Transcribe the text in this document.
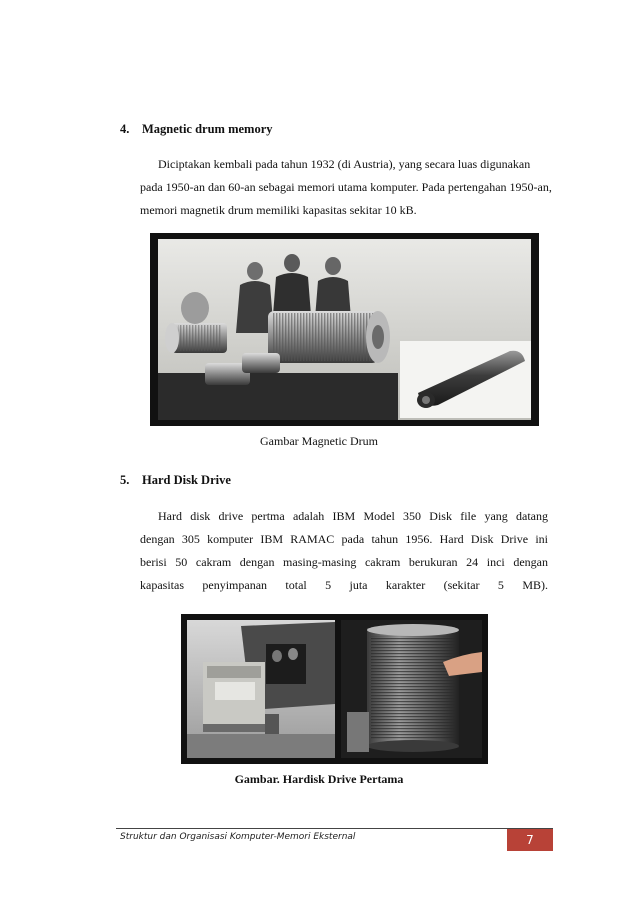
4. Magnetic drum memory
Diciptakan kembali pada tahun 1932 (di Austria), yang secara luas digunakan
pada 1950-an dan 60-an sebagai memori utama komputer. Pada pertengahan 1950-an,
memori magnetik drum memiliki kapasitas sekitar 10 kB.
Gambar Magnetic Drum
5. Hard Disk Drive
Hard disk drive pertma adalah IBM Model 350 Disk file yang datang
dengan 305 komputer IBM RAMAC pada tahun 1956. Hard Disk Drive ini
berisi 50 cakram dengan masing-masing cakram berukuran 24 inci dengan
kapasitas penyimpanan total 5 juta karakter (sekitar 5 MB).
Gambar. Hardisk Drive Pertama
Struktur dan Organisasi Komputer-Memori Eksternal	7
